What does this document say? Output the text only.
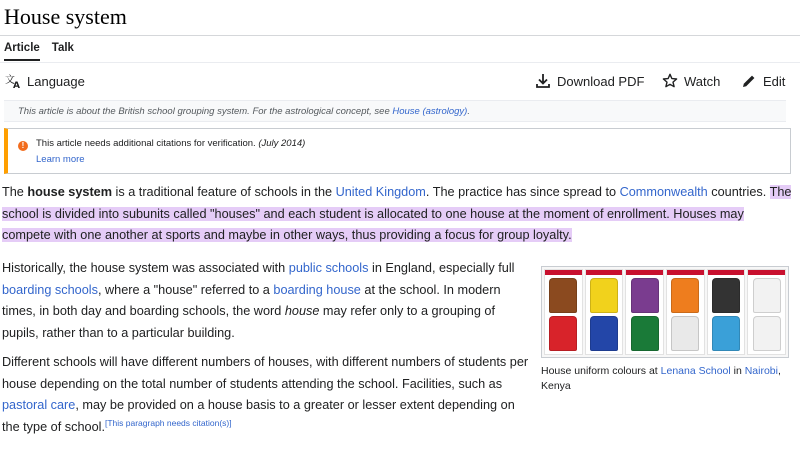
House system
Article Talk
文
A Language	Download PDF	Watch	Edit
This article is about the British school grouping system. For the astrological concept, see House (astrology).
!	This article needs additional citations for verification. (July 2014)
Learn more
The house system is a traditional feature of schools in the United Kingdom. The practice has since spread to Commonwealth countries. The school is divided into subunits called "houses" and each student is allocated to one house at the moment of enrollment. Houses may compete with one another at sports and maybe in other ways, thus providing a focus for group loyalty.
Historically, the house system was associated with public schools in England, especially full boarding schools, where a "house" referred to a boarding house at the school. In modern times, in both day and boarding schools, the word house may refer only to a grouping of pupils, rather than to a particular building.
Different schools will have different numbers of houses, with different numbers of students per house depending on the total number of students attending the school. Facilities, such as pastoral care, may be provided on a house basis to a greater or lesser extent depending on the type of school.[This paragraph needs citation(s)]
House uniform colours at Lenana School in Nairobi, Kenya
